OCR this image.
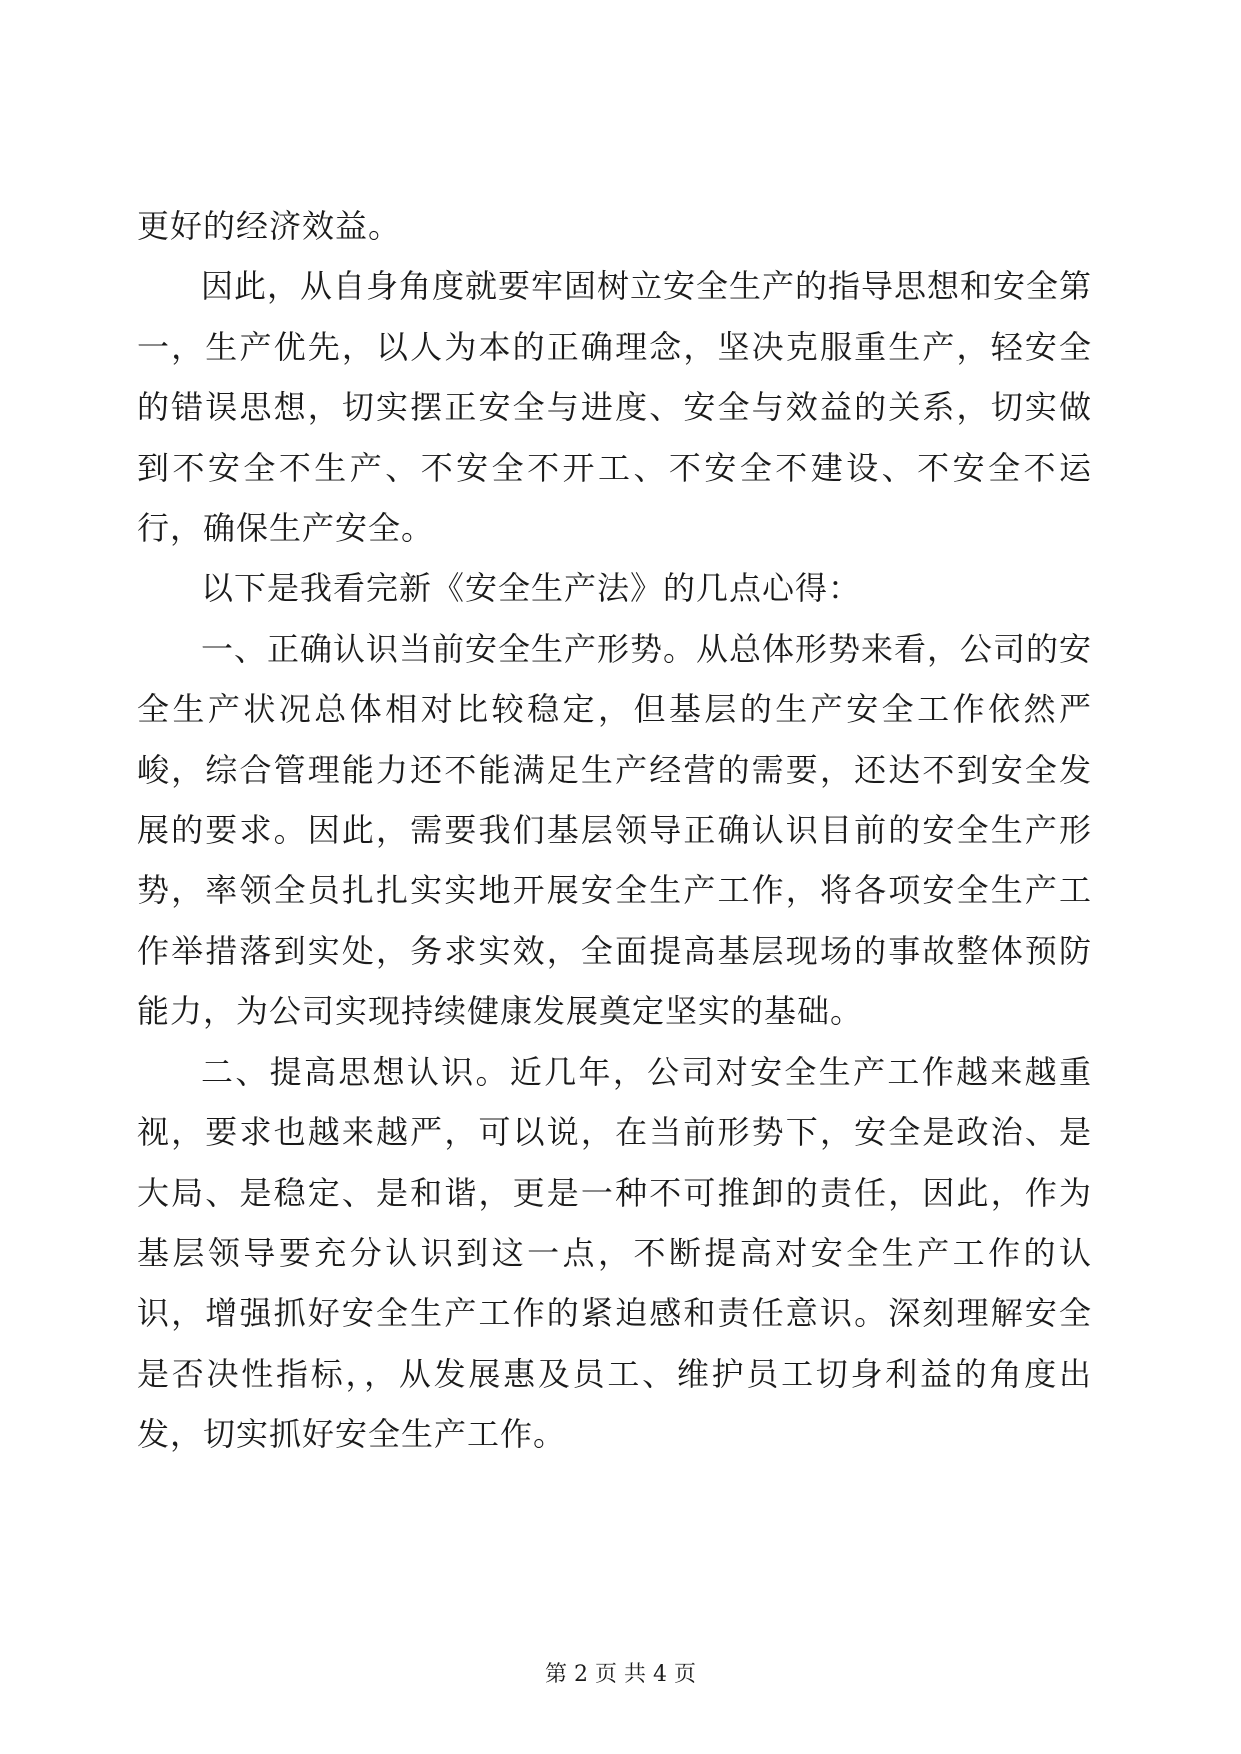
更好的经济效益。

因此，从自身角度就要牢固树立安全生产的指导思想和安全第一，生产优先，以人为本的正确理念，坚决克服重生产，轻安全的错误思想，切实摆正安全与进度、安全与效益的关系，切实做到不安全不生产、不安全不开工、不安全不建设、不安全不运行，确保生产安全。

以下是我看完新《安全生产法》的几点心得：

一、正确认识当前安全生产形势。从总体形势来看，公司的安全生产状况总体相对比较稳定，但基层的生产安全工作依然严峻，综合管理能力还不能满足生产经营的需要，还达不到安全发展的要求。因此，需要我们基层领导正确认识目前的安全生产形势，率领全员扎扎实实地开展安全生产工作，将各项安全生产工作举措落到实处，务求实效，全面提高基层现场的事故整体预防能力，为公司实现持续健康发展奠定坚实的基础。

二、提高思想认识。近几年，公司对安全生产工作越来越重视，要求也越来越严，可以说，在当前形势下，安全是政治、是大局、是稳定、是和谐，更是一种不可推卸的责任，因此，作为基层领导要充分认识到这一点，不断提高对安全生产工作的认识，增强抓好安全生产工作的紧迫感和责任意识。深刻理解安全是否决性指标，，从发展惠及员工、维护员工切身利益的角度出发，切实抓好安全生产工作。

第 2 页 共 4 页
